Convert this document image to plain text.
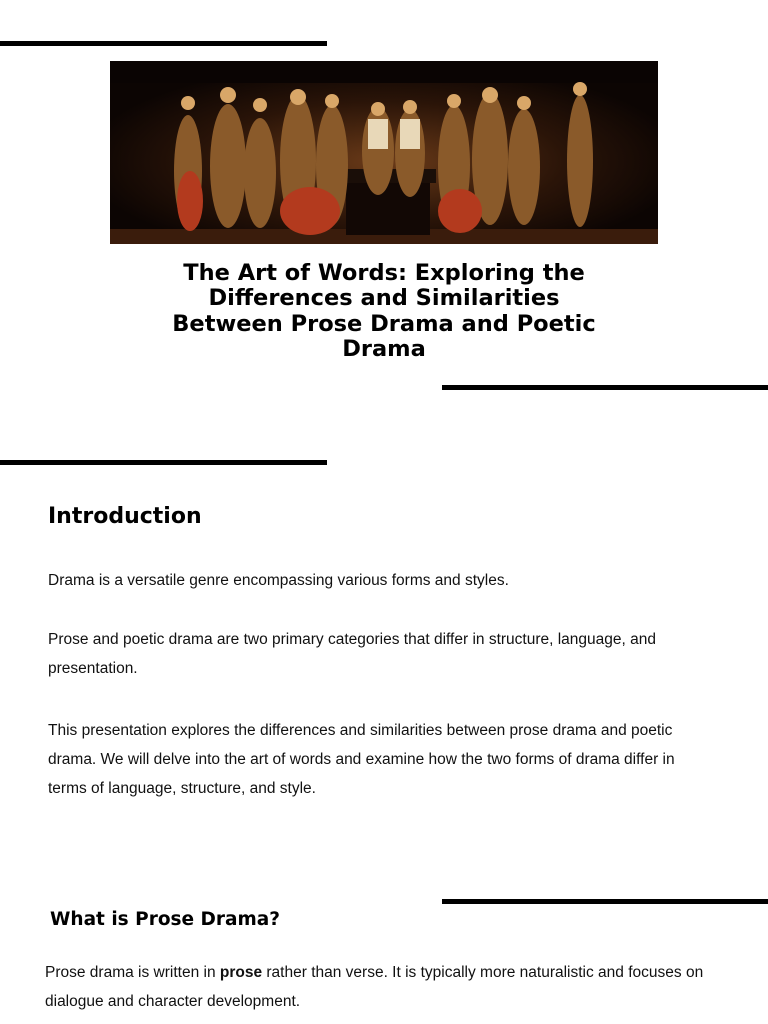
The Art of Words: Exploring the Differences and Similarities Between Prose Drama and Poetic Drama
Introduction

Drama is a versatile genre encompassing various forms and styles.

Prose and poetic drama are two primary categories that differ in structure, language, and presentation.

This presentation explores the differences and similarities between prose drama and poetic drama. We will delve into the art of words and examine how the two forms of drama differ in terms of language, structure, and style.

What is Prose Drama?

Prose drama is written in prose rather than verse. It is typically more naturalistic and focuses on dialogue and character development.
